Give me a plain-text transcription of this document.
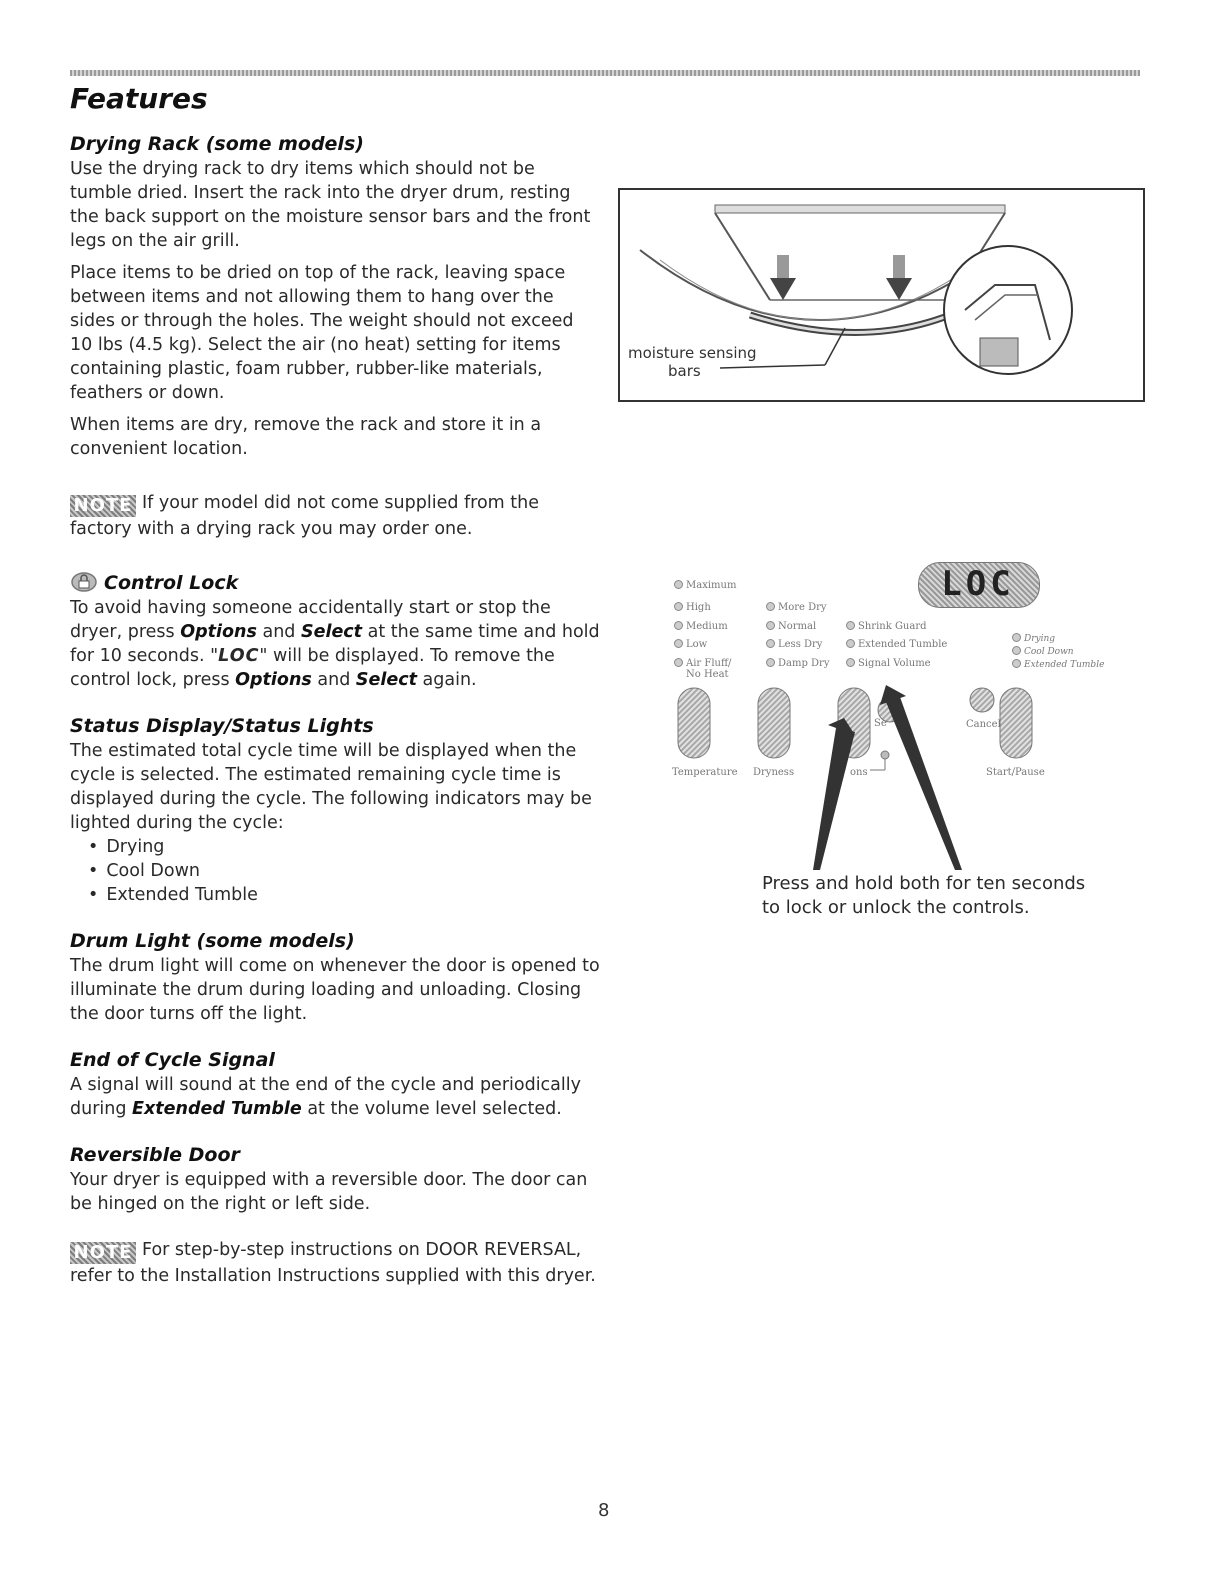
Features
Drying Rack (some models)

Use the drying rack to dry items which should not be tumble dried. Insert the rack into the dryer drum, resting the back support on the moisture sensor bars and the front legs on the air grill.

Place items to be dried on top of the rack, leaving space between items and not allowing them to hang over the sides or through the holes. The weight should not exceed 10 lbs (4.5 kg). Select the air (no heat) setting for items containing plastic, foam rubber, rubber-like materials, feathers or down.

When items are dry, remove the rack and store it in a convenient location.

NOTE If your model did not come supplied from the factory with a drying rack you may order one.

Control Lock

To avoid having someone accidentally start or stop the dryer, press Options and Select at the same time and hold for 10 seconds. "LOC" will be displayed. To remove the control lock, press Options and Select again.

Status Display/Status Lights

The estimated total cycle time will be displayed when the cycle is selected. The estimated remaining cycle time is displayed during the cycle. The following indicators may be lighted during the cycle:

• Drying
• Cool Down
• Extended Tumble
Drum Light (some models)

The drum light will come on whenever the door is opened to illuminate the drum during loading and unloading. Closing the door turns off the light.

End of Cycle Signal

A signal will sound at the end of the cycle and periodically during Extended Tumble at the volume level selected.

Reversible Door

Your dryer is equipped with a reversible door. The door can be hinged on the right or left side.

NOTE For step-by-step instructions on DOOR REVERSAL, refer to the Installation Instructions supplied with this dryer.

moisture sensing
bars
LOC
Maximum
High
Medium
Low
Air Fluff/
No Heat
More Dry
Normal
Less Dry
Damp Dry
Shrink Guard
Extended Tumble
Signal Volume
Drying
Cool Down
Extended Tumble
Temperature Dryness	ons
Se	Cancel
Start/Pause
Press and hold both for ten seconds
to lock or unlock the controls.
8
